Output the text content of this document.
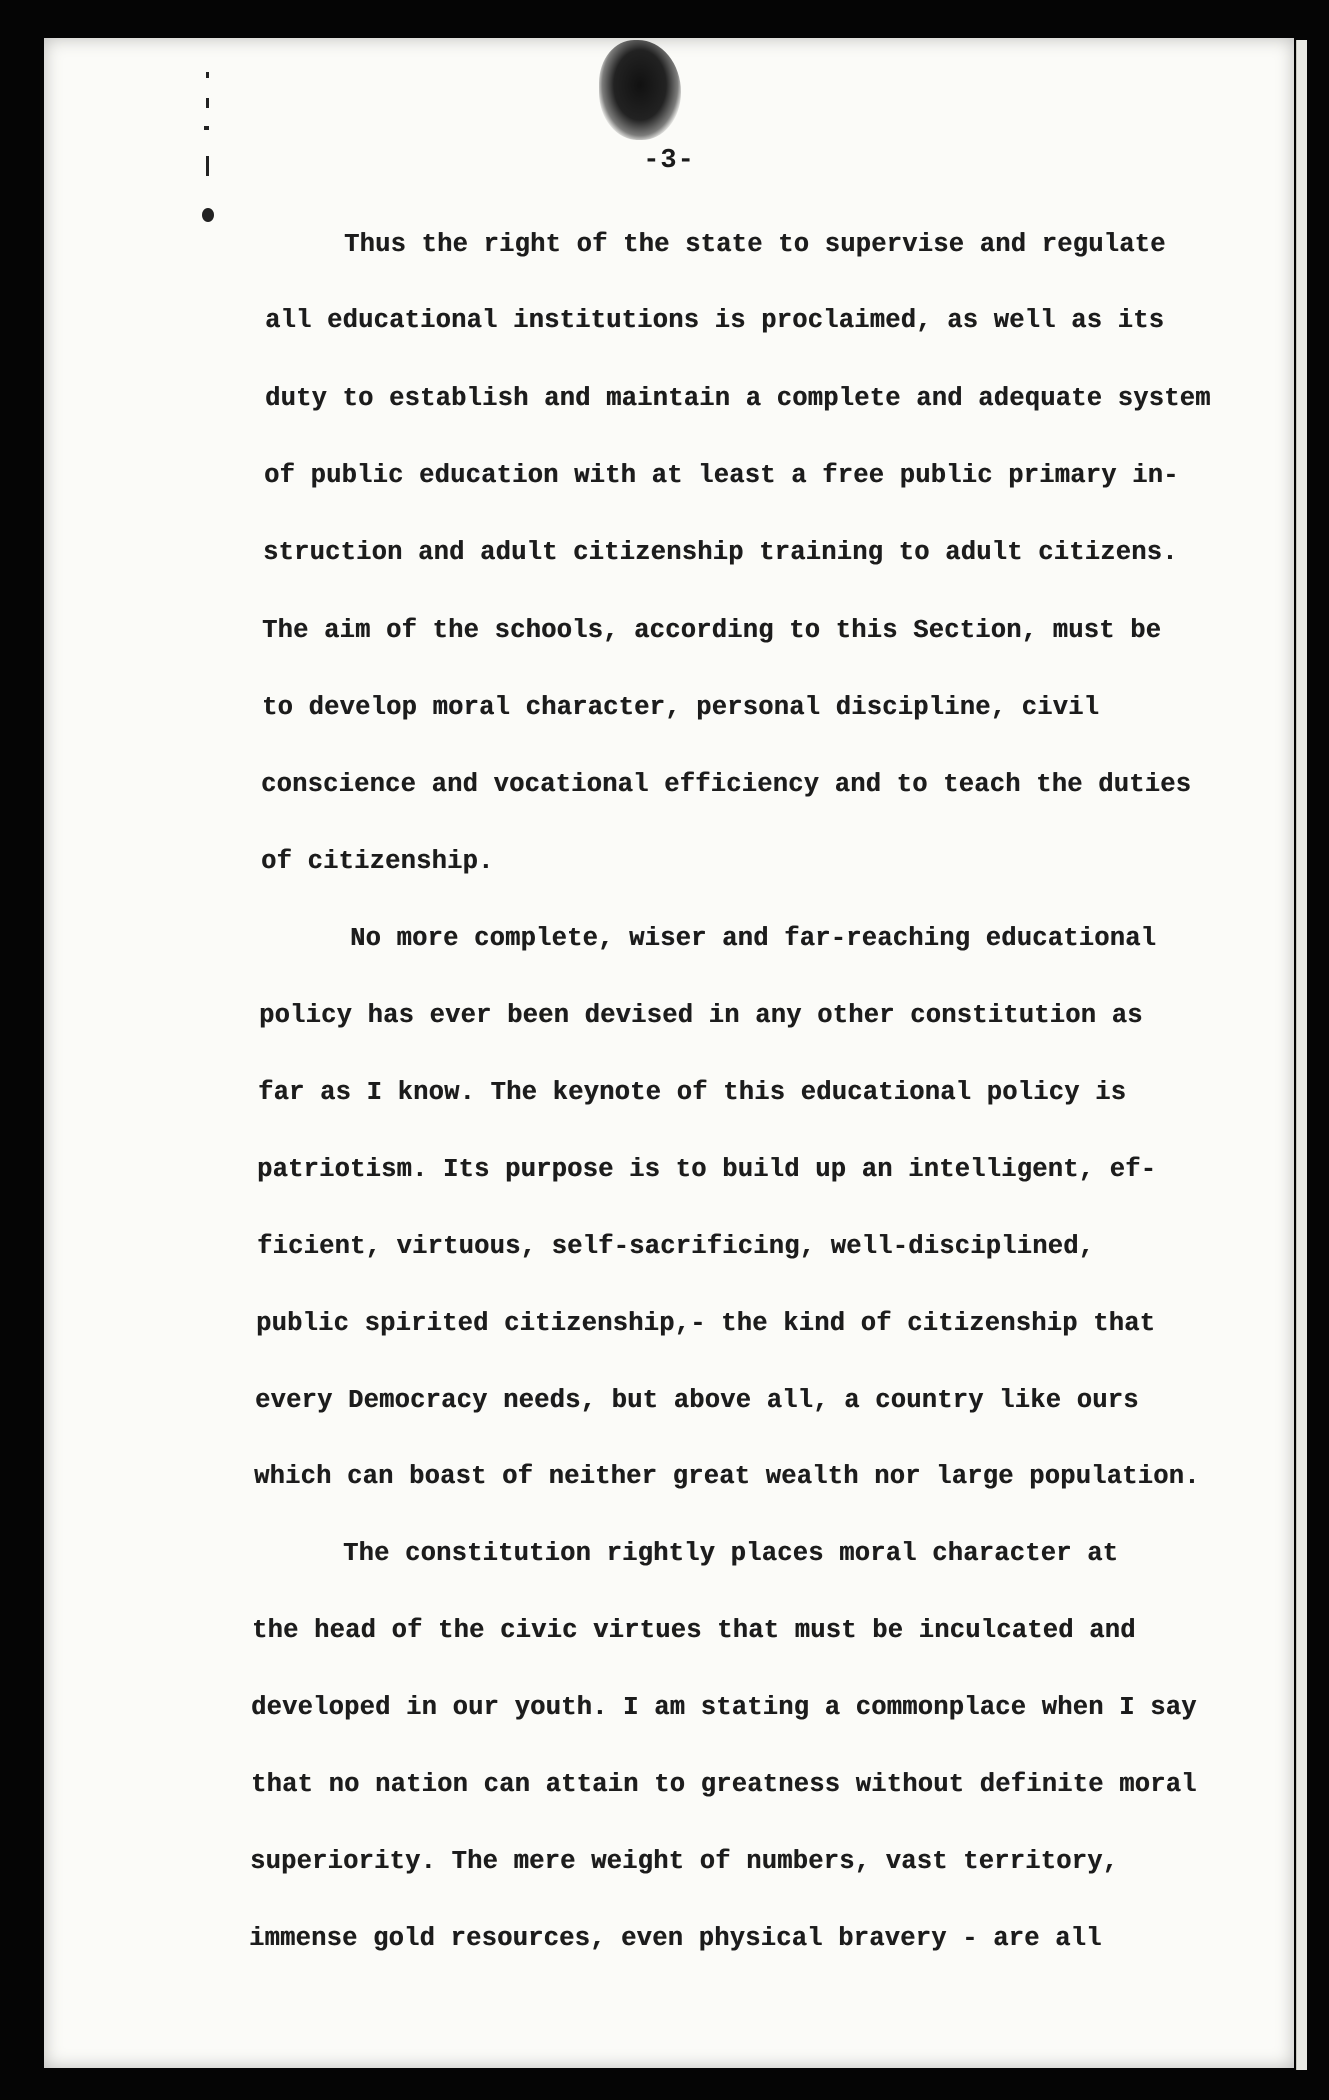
-3-
Thus the right of the state to supervise and regulate
all educational institutions is proclaimed, as well as its
duty to establish and maintain a complete and adequate system
of public education with at least a free public primary in-
struction and adult citizenship training to adult citizens.
The aim of the schools, according to this Section, must be
to develop moral character, personal discipline, civil
conscience and vocational efficiency and to teach the duties
of citizenship.
No more complete, wiser and far-reaching educational
policy has ever been devised in any other constitution as
far as I know. The keynote of this educational policy is
patriotism. Its purpose is to build up an intelligent, ef-
ficient, virtuous, self-sacrificing, well-disciplined,
public spirited citizenship,- the kind of citizenship that
every Democracy needs, but above all, a country like ours
which can boast of neither great wealth nor large population.
The constitution rightly places moral character at
the head of the civic virtues that must be inculcated and
developed in our youth. I am stating a commonplace when I say
that no nation can attain to greatness without definite moral
superiority. The mere weight of numbers, vast territory,
immense gold resources, even physical bravery - are all
